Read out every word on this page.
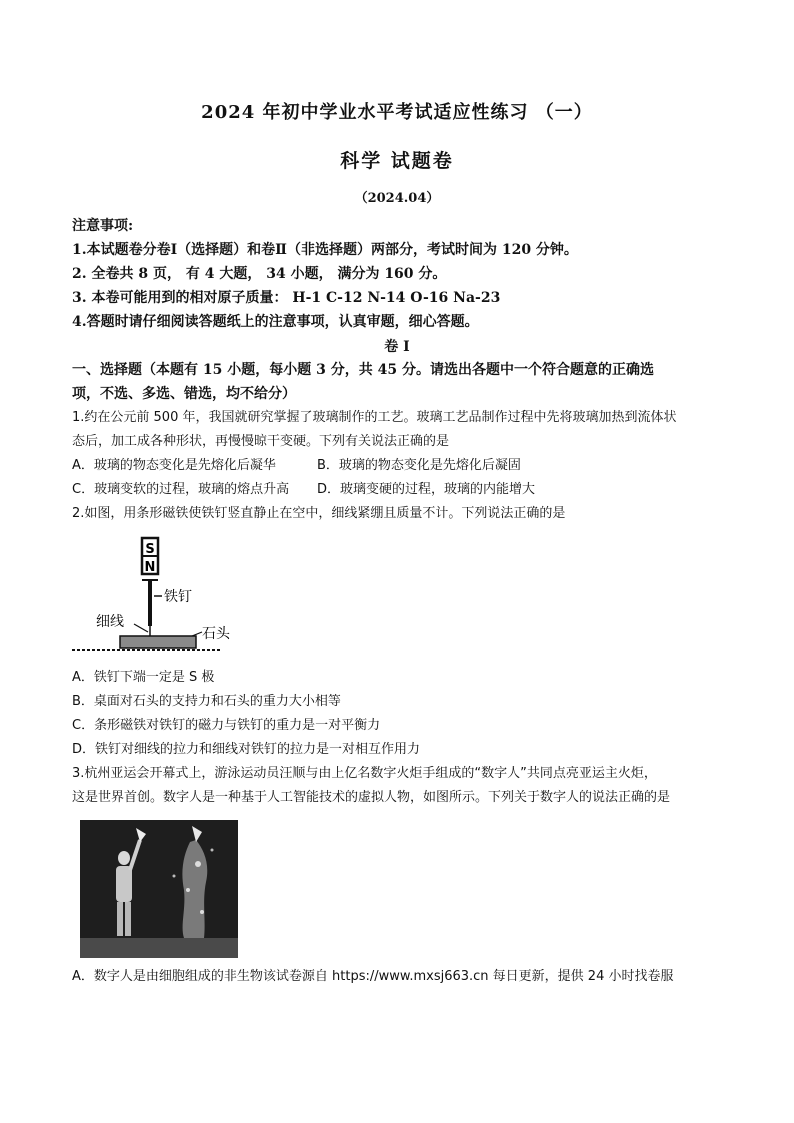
2024 年初中学业水平考试适应性练习 （一）
科学 试题卷
（2024.04）
注意事项:
1.本试题卷分卷Ⅰ（选择题）和卷Ⅱ（非选择题）两部分，考试时间为 120 分钟。
2. 全卷共 8 页， 有 4 大题， 34 小题， 满分为 160 分。
3. 本卷可能用到的相对原子质量： H-1 C-12 N-14 O-16 Na-23
4.答题时请仔细阅读答题纸上的注意事项，认真审题，细心答题。
卷 Ⅰ
一、选择题（本题有 15 小题，每小题 3 分，共 45 分。请选出各题中一个符合题意的正确选
项，不选、多选、错选，均不给分）
1.约在公元前 500 年，我国就研究掌握了玻璃制作的工艺。玻璃工艺品制作过程中先将玻璃加热到流体状
态后，加工成各种形状，再慢慢晾干变硬。下列有关说法正确的是
A．玻璃的物态变化是先熔化后凝华	B．玻璃的物态变化是先熔化后凝固
C．玻璃变软的过程，玻璃的熔点升高	D．玻璃变硬的过程，玻璃的内能增大
2.如图，用条形磁铁使铁钉竖直静止在空中，细线紧绷且质量不计。下列说法正确的是
S
N
铁钉
细线
石头
A．铁钉下端一定是 S 极
B．桌面对石头的支持力和石头的重力大小相等
C．条形磁铁对铁钉的磁力与铁钉的重力是一对平衡力
D．铁钉对细线的拉力和细线对铁钉的拉力是一对相互作用力
3.杭州亚运会开幕式上，游泳运动员汪顺与由上亿名数字火炬手组成的“数字人”共同点亮亚运主火炬，
这是世界首创。数字人是一种基于人工智能技术的虚拟人物，如图所示。下列关于数字人的说法正确的是
A．数字人是由细胞组成的非生物该试卷源自 https://www.mxsj663.cn 每日更新，提供 24 小时找卷服
